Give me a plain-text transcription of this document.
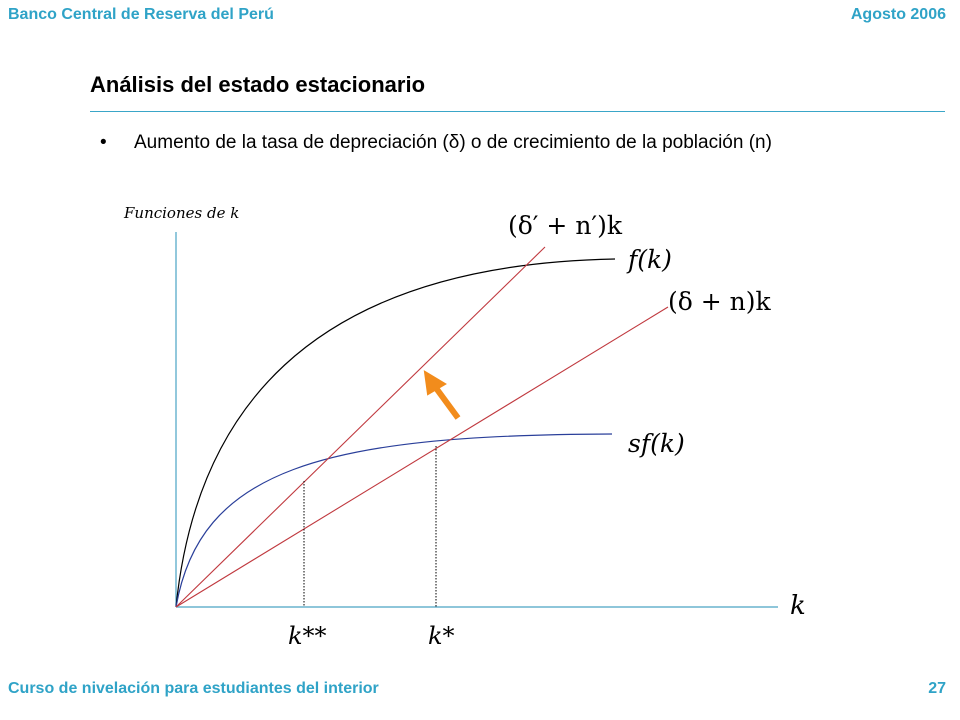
Banco Central de Reserva del Perú	Agosto 2006
Análisis del estado estacionario
• Aumento de la tasa de depreciación (δ) o de crecimiento de la población (n)
Funciones de k
k
(δ′ + n′)k
f(k)
(δ + n)k
sf(k)
k**	k*
Curso de nivelación para estudiantes del interior	27
